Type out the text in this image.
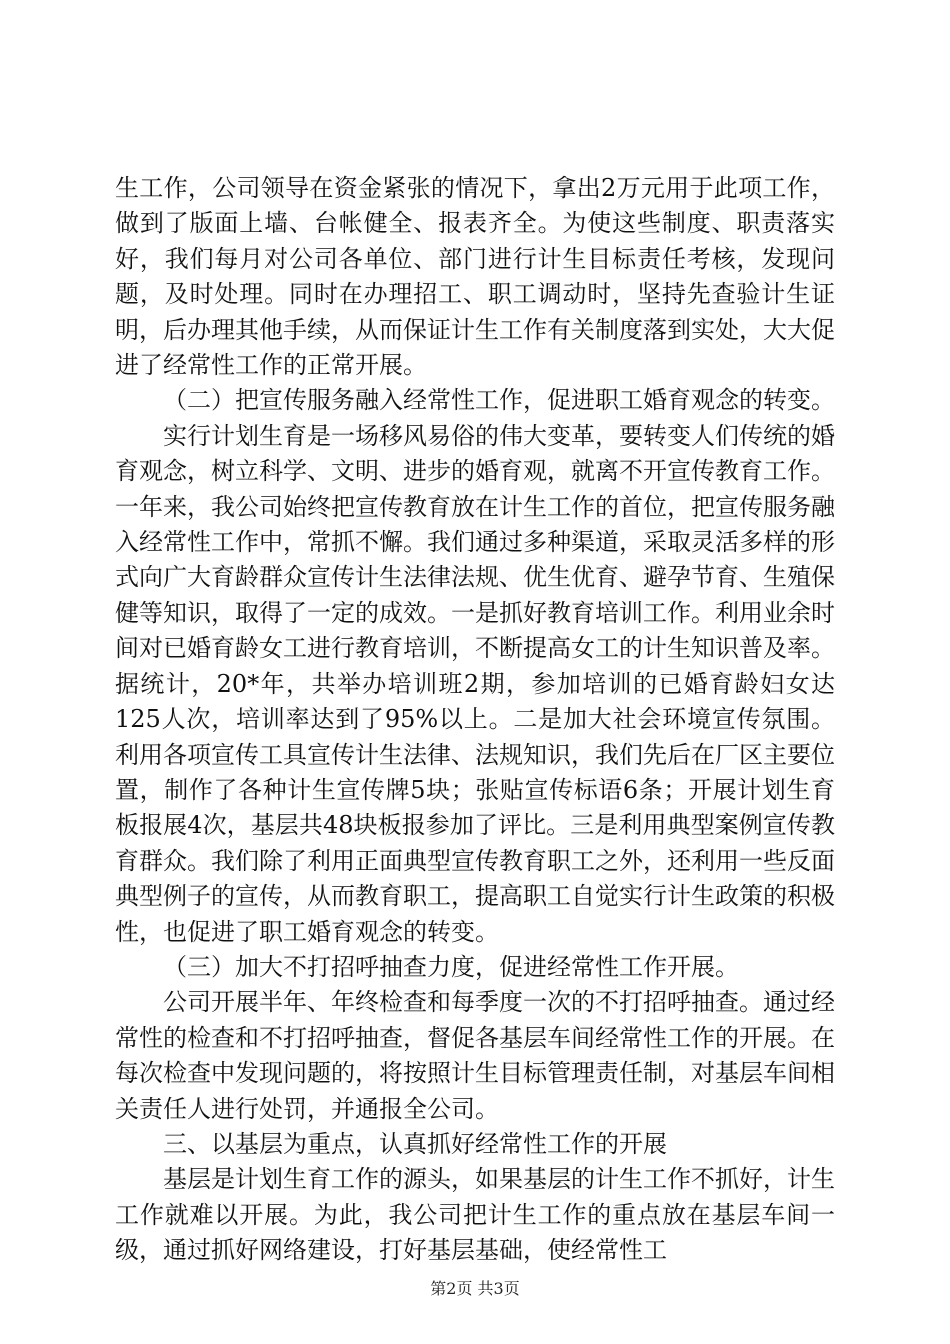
生工作，公司领导在资金紧张的情况下，拿出2万元用于此项工作，做到了版面上墙、台帐健全、报表齐全。为使这些制度、职责落实好，我们每月对公司各单位、部门进行计生目标责任考核，发现问题，及时处理。同时在办理招工、职工调动时，坚持先查验计生证明，后办理其他手续，从而保证计生工作有关制度落到实处，大大促进了经常性工作的正常开展。

（二）把宣传服务融入经常性工作，促进职工婚育观念的转变。

实行计划生育是一场移风易俗的伟大变革，要转变人们传统的婚育观念，树立科学、文明、进步的婚育观，就离不开宣传教育工作。一年来，我公司始终把宣传教育放在计生工作的首位，把宣传服务融入经常性工作中，常抓不懈。我们通过多种渠道，采取灵活多样的形式向广大育龄群众宣传计生法律法规、优生优育、避孕节育、生殖保健等知识，取得了一定的成效。一是抓好教育培训工作。利用业余时间对已婚育龄女工进行教育培训，不断提高女工的计生知识普及率。据统计，20*年，共举办培训班2期，参加培训的已婚育龄妇女达125人次，培训率达到了95%以上。二是加大社会环境宣传氛围。利用各项宣传工具宣传计生法律、法规知识，我们先后在厂区主要位置，制作了各种计生宣传牌5块；张贴宣传标语6条；开展计划生育板报展4次，基层共48块板报参加了评比。三是利用典型案例宣传教育群众。我们除了利用正面典型宣传教育职工之外，还利用一些反面典型例子的宣传，从而教育职工，提高职工自觉实行计生政策的积极性，也促进了职工婚育观念的转变。

（三）加大不打招呼抽查力度，促进经常性工作开展。

公司开展半年、年终检查和每季度一次的不打招呼抽查。通过经常性的检查和不打招呼抽查，督促各基层车间经常性工作的开展。在每次检查中发现问题的，将按照计生目标管理责任制，对基层车间相关责任人进行处罚，并通报全公司。

三、以基层为重点，认真抓好经常性工作的开展

基层是计划生育工作的源头，如果基层的计生工作不抓好，计生工作就难以开展。为此，我公司把计生工作的重点放在基层车间一级，通过抓好网络建设，打好基层基础，使经常性工

第2页 共3页
